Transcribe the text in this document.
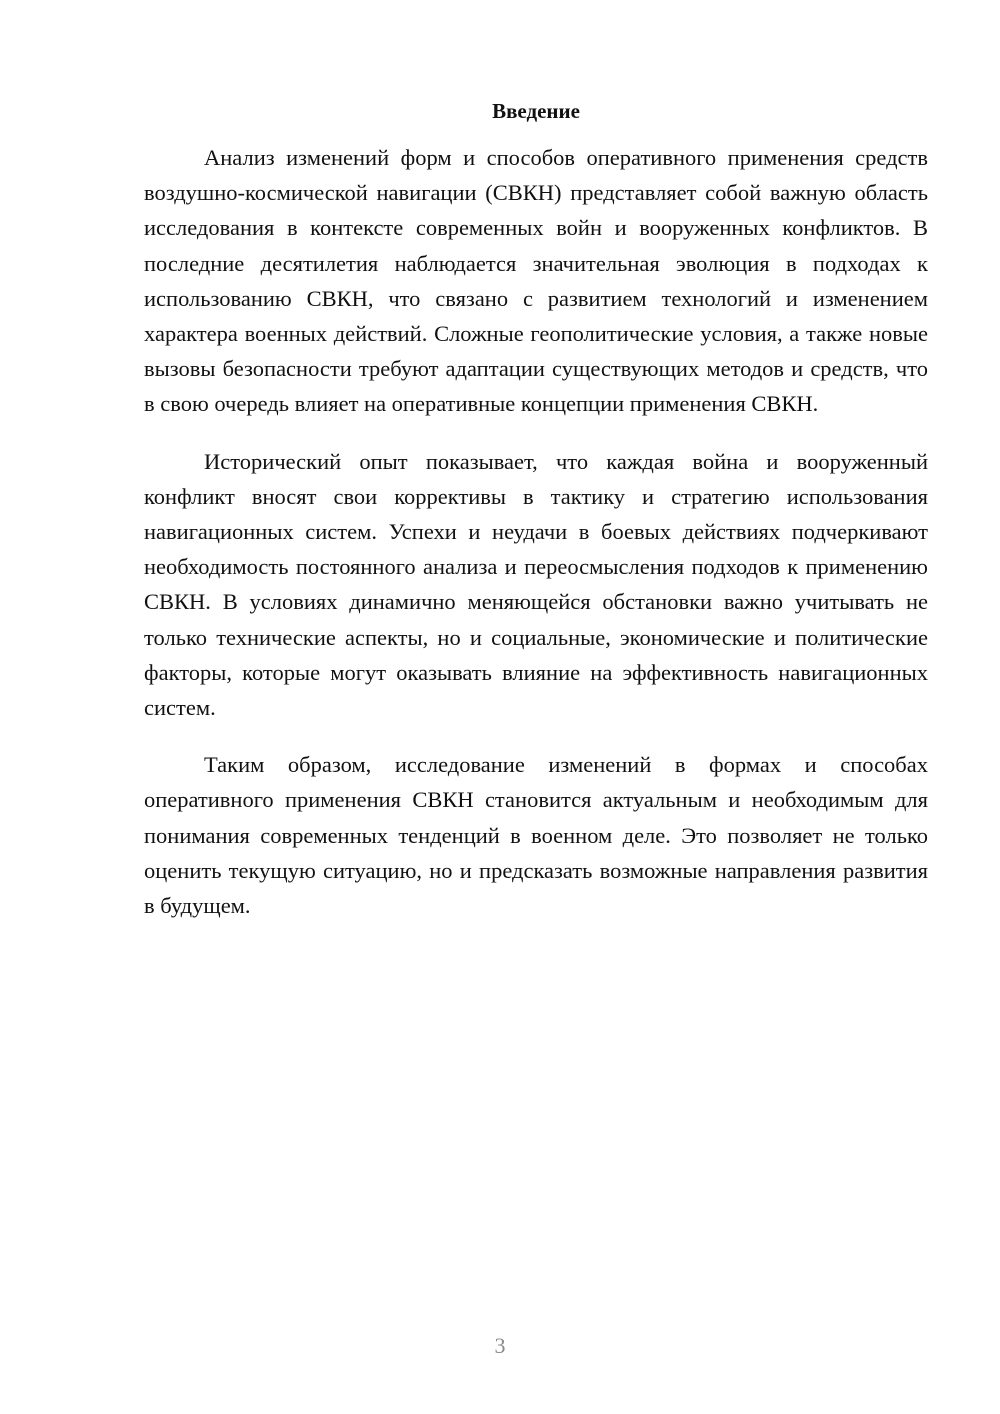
Введение

Анализ изменений форм и способов оперативного применения средств воздушно-космической навигации (СВКН) представляет собой важную область исследования в контексте современных войн и вооруженных конфликтов. В последние десятилетия наблюдается значительная эволюция в подходах к использованию СВКН, что связано с развитием технологий и изменением характера военных действий. Сложные геополитические условия, а также новые вызовы безопасности требуют адаптации существующих методов и средств, что в свою очередь влияет на оперативные концепции применения СВКН.

Исторический опыт показывает, что каждая война и вооруженный конфликт вносят свои коррективы в тактику и стратегию использования навигационных систем. Успехи и неудачи в боевых действиях подчеркивают необходимость постоянного анализа и переосмысления подходов к применению СВКН. В условиях динамично меняющейся обстановки важно учитывать не только технические аспекты, но и социальные, экономические и политические факторы, которые могут оказывать влияние на эффективность навигационных систем.

Таким образом, исследование изменений в формах и способах оперативного применения СВКН становится актуальным и необходимым для понимания современных тенденций в военном деле. Это позволяет не только оценить текущую ситуацию, но и предсказать возможные направления развития в будущем.

3
